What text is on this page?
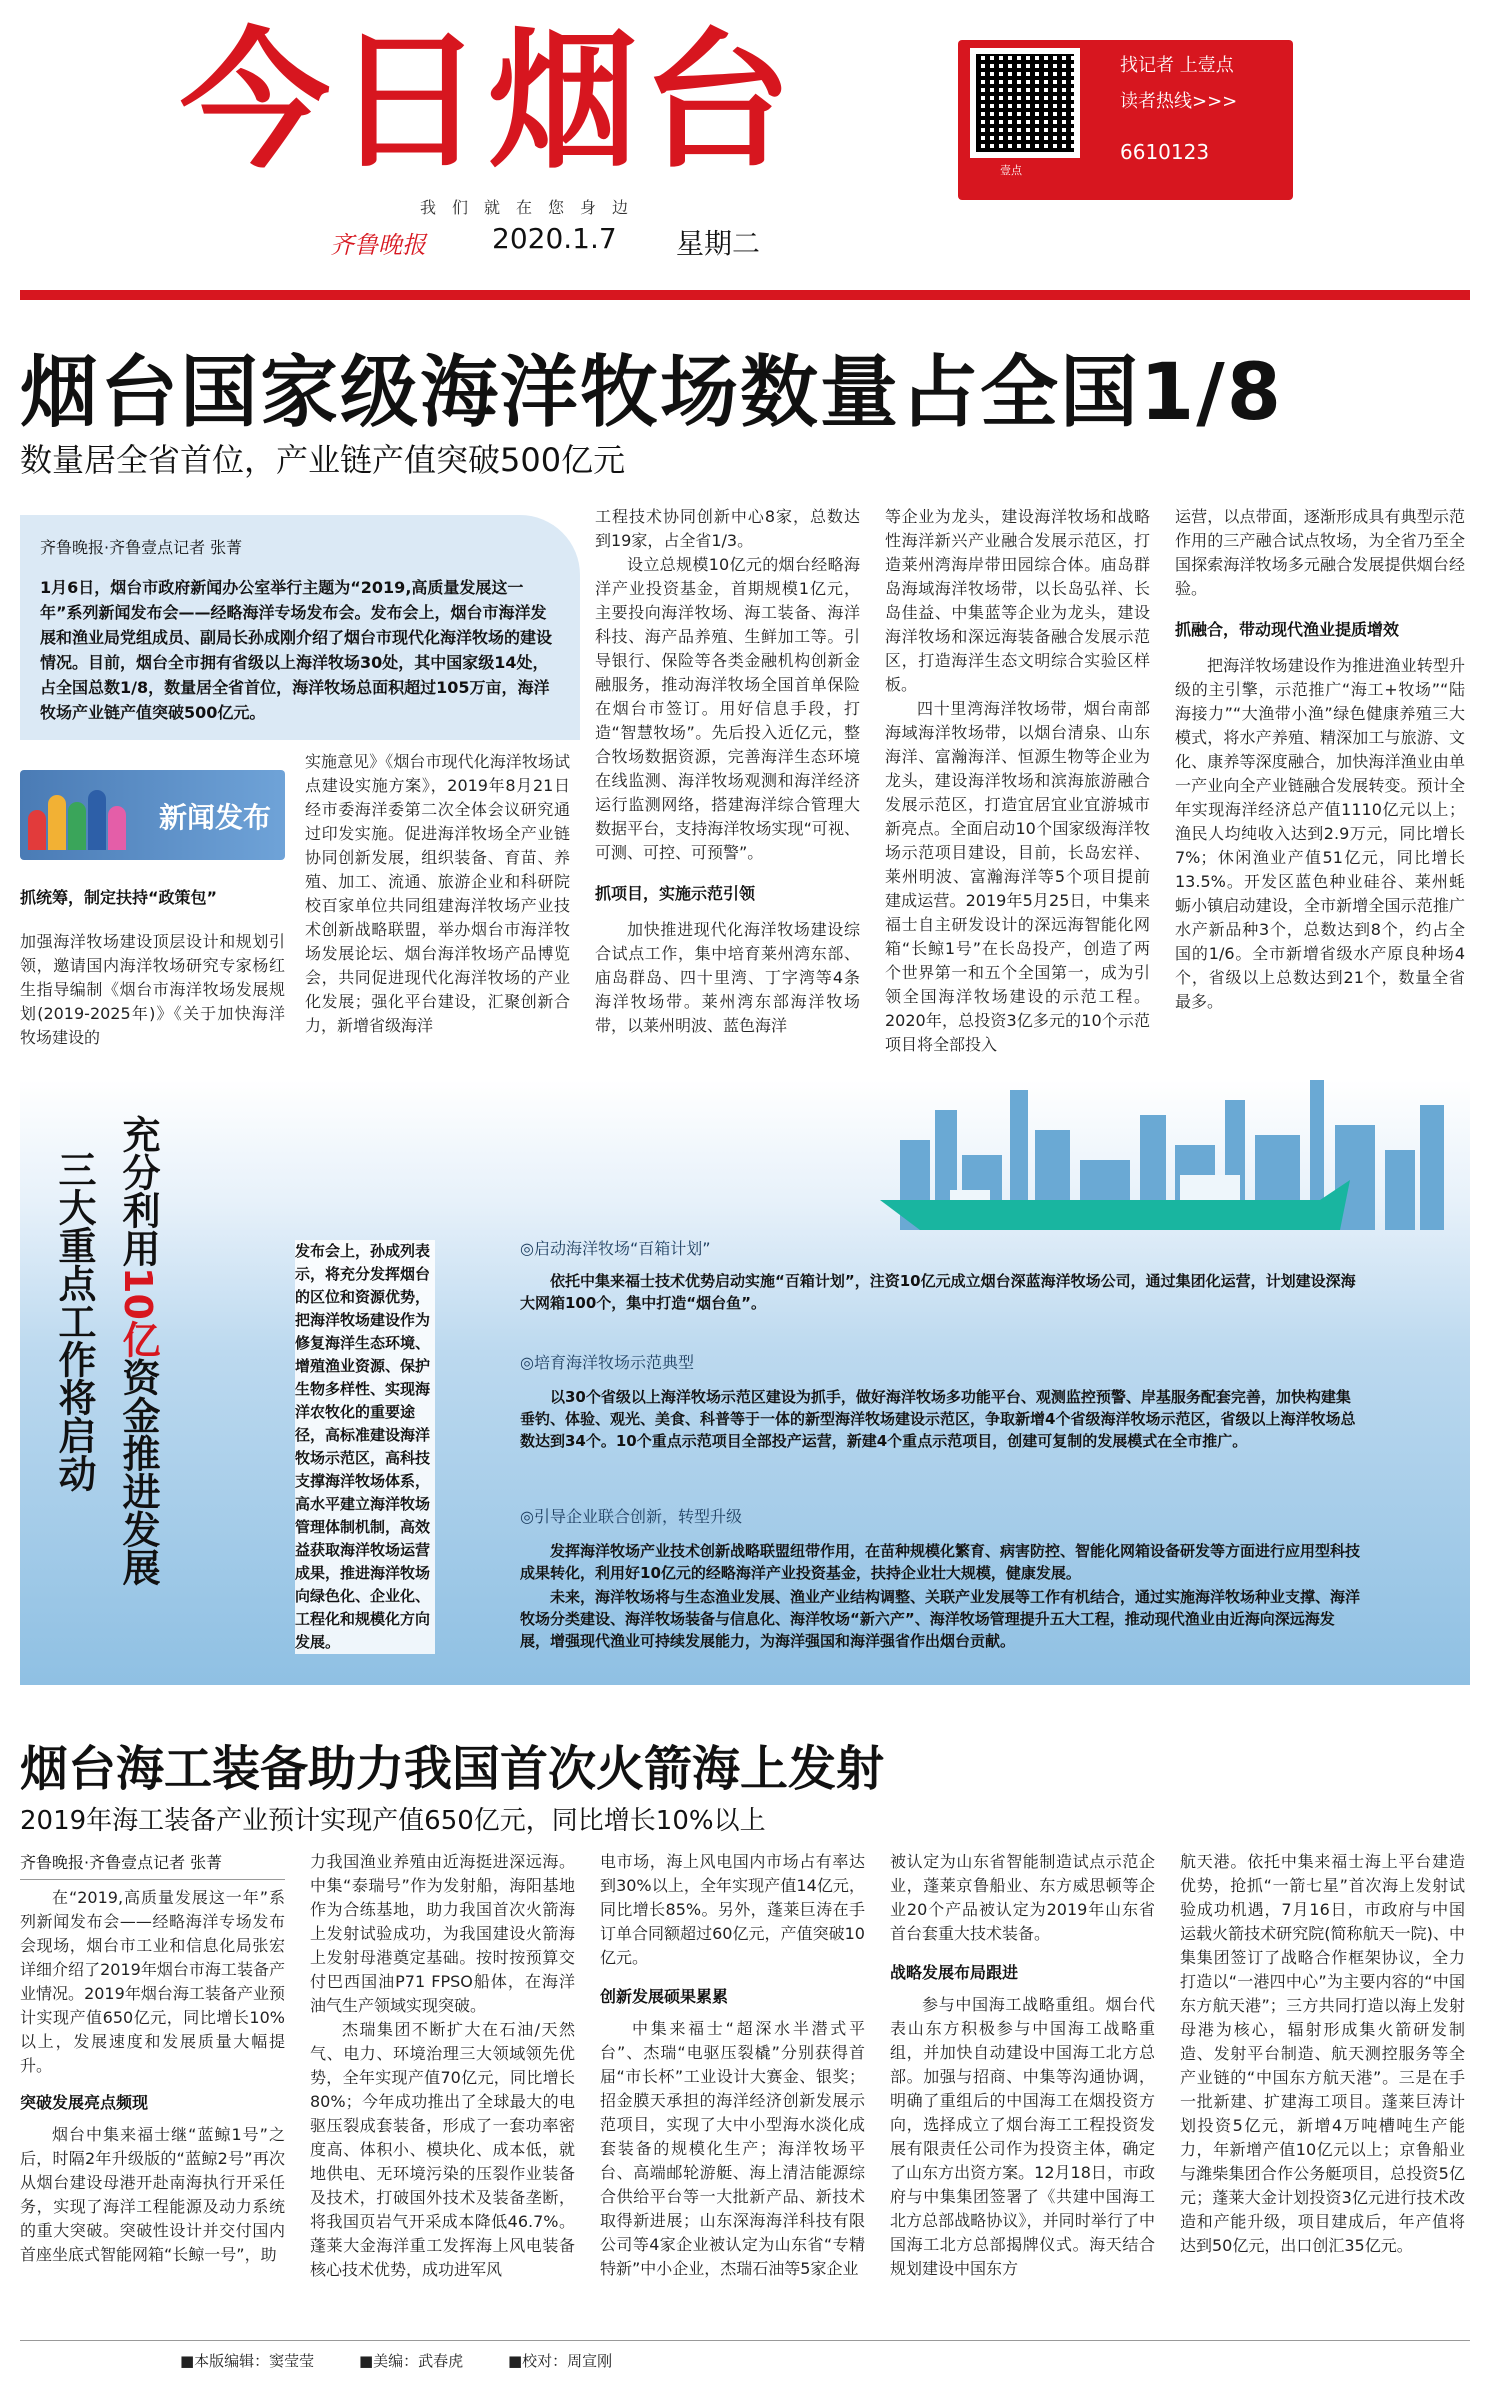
今日烟台
我们就在您身边
齐鲁晚报 2020.1.7 星期二
壹点
找记者 上壹点
读者热线>>>
6610123
烟台国家级海洋牧场数量占全国1/8
数量居全省首位，产业链产值突破500亿元
齐鲁晚报·齐鲁壹点记者 张菁
1月6日，烟台市政府新闻办公室举行主题为“2019,高质量发展这一年”系列新闻发布会——经略海洋专场发布会。发布会上，烟台市海洋发展和渔业局党组成员、副局长孙成刚介绍了烟台市现代化海洋牧场的建设情况。目前，烟台全市拥有省级以上海洋牧场30处，其中国家级14处，占全国总数1/8，数量居全省首位，海洋牧场总面积超过105万亩，海洋牧场产业链产值突破500亿元。
新闻发布
抓统筹，制定扶持“政策包”
加强海洋牧场建设顶层设计和规划引领，邀请国内海洋牧场研究专家杨红生指导编制《烟台市海洋牧场发展规划(2019-2025年)》《关于加快海洋牧场建设的
实施意见》《烟台市现代化海洋牧场试点建设实施方案》，2019年8月21日经市委海洋委第二次全体会议研究通过印发实施。促进海洋牧场全产业链协同创新发展，组织装备、育苗、养殖、加工、流通、旅游企业和科研院校百家单位共同组建海洋牧场产业技术创新战略联盟，举办烟台市海洋牧场发展论坛、烟台海洋牧场产品博览会，共同促进现代化海洋牧场的产业化发展；强化平台建设，汇聚创新合力，新增省级海洋
工程技术协同创新中心8家，总数达到19家，占全省1/3。
设立总规模10亿元的烟台经略海洋产业投资基金，首期规模1亿元，主要投向海洋牧场、海工装备、海洋科技、海产品养殖、生鲜加工等。引导银行、保险等各类金融机构创新金融服务，推动海洋牧场全国首单保险在烟台市签订。用好信息手段，打造“智慧牧场”。先后投入近亿元，整合牧场数据资源，完善海洋生态环境在线监测、海洋牧场观测和海洋经济运行监测网络，搭建海洋综合管理大数据平台，支持海洋牧场实现“可视、可测、可控、可预警”。
抓项目，实施示范引领
加快推进现代化海洋牧场建设综合试点工作，集中培育莱州湾东部、庙岛群岛、四十里湾、丁字湾等4条海洋牧场带。莱州湾东部海洋牧场带，以莱州明波、蓝色海洋
等企业为龙头，建设海洋牧场和战略性海洋新兴产业融合发展示范区，打造莱州湾海岸带田园综合体。庙岛群岛海域海洋牧场带，以长岛弘祥、长岛佳益、中集蓝等企业为龙头，建设海洋牧场和深远海装备融合发展示范区，打造海洋生态文明综合实验区样板。
四十里湾海洋牧场带，烟台南部海域海洋牧场带，以烟台清泉、山东海洋、富瀚海洋、恒源生物等企业为龙头，建设海洋牧场和滨海旅游融合发展示范区，打造宜居宜业宜游城市新亮点。全面启动10个国家级海洋牧场示范项目建设，目前，长岛宏祥、莱州明波、富瀚海洋等5个项目提前建成运营。2019年5月25日，中集来福士自主研发设计的深远海智能化网箱“长鲸1号”在长岛投产，创造了两个世界第一和五个全国第一，成为引领全国海洋牧场建设的示范工程。2020年，总投资3亿多元的10个示范项目将全部投入
运营，以点带面，逐渐形成具有典型示范作用的三产融合试点牧场，为全省乃至全国探索海洋牧场多元融合发展提供烟台经验。
抓融合，带动现代渔业提质增效
把海洋牧场建设作为推进渔业转型升级的主引擎，示范推广“海工+牧场”“陆海接力”“大渔带小渔”绿色健康养殖三大模式，将水产养殖、精深加工与旅游、文化、康养等深度融合，加快海洋渔业由单一产业向全产业链融合发展转变。预计全年实现海洋经济总产值1110亿元以上；渔民人均纯收入达到2.9万元，同比增长7%；休闲渔业产值51亿元，同比增长13.5%。开发区蓝色种业硅谷、莱州蚝蛎小镇启动建设，全市新增全国示范推广水产新品种3个，总数达到8个，约占全国的1/6。全市新增省级水产原良种场4个，省级以上总数达到21个，数量全省最多。
充分利用10亿资金推进发展
三大重点工作将启动	发布会上，孙成列表示，将充分发挥烟台的区位和资源优势，把海洋牧场建设作为修复海洋生态环境、增殖渔业资源、保护生物多样性、实现海洋农牧化的重要途径，高标准建设海洋牧场示范区，高科技支撑海洋牧场体系，高水平建立海洋牧场管理体制机制，高效益获取海洋牧场运营成果，推进海洋牧场向绿色化、企业化、工程化和规模化方向发展。
◎启动海洋牧场“百箱计划”
依托中集来福士技术优势启动实施“百箱计划”，注资10亿元成立烟台深蓝海洋牧场公司，通过集团化运营，计划建设深海大网箱100个，集中打造“烟台鱼”。
◎培育海洋牧场示范典型
以30个省级以上海洋牧场示范区建设为抓手，做好海洋牧场多功能平台、观测监控预警、岸基服务配套完善，加快构建集垂钓、体验、观光、美食、科普等于一体的新型海洋牧场建设示范区，争取新增4个省级海洋牧场示范区，省级以上海洋牧场总数达到34个。10个重点示范项目全部投产运营，新建4个重点示范项目，创建可复制的发展模式在全市推广。
◎引导企业联合创新，转型升级
发挥海洋牧场产业技术创新战略联盟纽带作用，在苗种规模化繁育、病害防控、智能化网箱设备研发等方面进行应用型科技成果转化，利用好10亿元的经略海洋产业投资基金，扶持企业壮大规模，健康发展。
未来，海洋牧场将与生态渔业发展、渔业产业结构调整、关联产业发展等工作有机结合，通过实施海洋牧场种业支撑、海洋牧场分类建设、海洋牧场装备与信息化、海洋牧场“新六产”、海洋牧场管理提升五大工程，推动现代渔业由近海向深远海发展，增强现代渔业可持续发展能力，为海洋强国和海洋强省作出烟台贡献。
烟台海工装备助力我国首次火箭海上发射
2019年海工装备产业预计实现产值650亿元，同比增长10%以上
齐鲁晚报·齐鲁壹点记者 张菁
在“2019,高质量发展这一年”系列新闻发布会——经略海洋专场发布会现场，烟台市工业和信息化局张宏详细介绍了2019年烟台市海工装备产业情况。2019年烟台海工装备产业预计实现产值650亿元，同比增长10%以上，发展速度和发展质量大幅提升。
突破发展亮点频现
烟台中集来福士继“蓝鲸1号”之后，时隔2年升级版的“蓝鲸2号”再次从烟台建设母港开赴南海执行开采任务，实现了海洋工程能源及动力系统的重大突破。突破性设计并交付国内首座坐底式智能网箱“长鲸一号”，助
力我国渔业养殖由近海挺进深远海。中集“泰瑞号”作为发射船，海阳基地作为合练基地，助力我国首次火箭海上发射试验成功，为我国建设火箭海上发射母港奠定基础。按时按预算交付巴西国油P71 FPSO船体，在海洋油气生产领域实现突破。
杰瑞集团不断扩大在石油/天然气、电力、环境治理三大领域领先优势，全年实现产值70亿元，同比增长80%；今年成功推出了全球最大的电驱压裂成套装备，形成了一套功率密度高、体积小、模块化、成本低，就地供电、无环境污染的压裂作业装备及技术，打破国外技术及装备垄断，将我国页岩气开采成本降低46.7%。蓬莱大金海洋重工发挥海上风电装备核心技术优势，成功进军风
电市场，海上风电国内市场占有率达到30%以上，全年实现产值14亿元，同比增长85%。另外，蓬莱巨涛在手订单合同额超过60亿元，产值突破10亿元。
创新发展硕果累累
中集来福士“超深水半潜式平台”、杰瑞“电驱压裂橇”分别获得首届“市长杯”工业设计大赛金、银奖；招金膜天承担的海洋经济创新发展示范项目，实现了大中小型海水淡化成套装备的规模化生产；海洋牧场平台、高端邮轮游艇、海上清洁能源综合供给平台等一大批新产品、新技术取得新进展；山东深海海洋科技有限公司等4家企业被认定为山东省“专精特新”中小企业，杰瑞石油等5家企业
被认定为山东省智能制造试点示范企业，蓬莱京鲁船业、东方威思顿等企业20个产品被认定为2019年山东省首台套重大技术装备。
战略发展布局跟进
参与中国海工战略重组。烟台代表山东方积极参与中国海工战略重组，并加快自动建设中国海工北方总部。加强与招商、中集等沟通协调，明确了重组后的中国海工在烟投资方向，选择成立了烟台海工工程投资发展有限责任公司作为投资主体，确定了山东方出资方案。12月18日，市政府与中集集团签署了《共建中国海工北方总部战略协议》，并同时举行了中国海工北方总部揭牌仪式。海天结合规划建设中国东方
航天港。依托中集来福士海上平台建造优势，抢抓“一箭七星”首次海上发射试验成功机遇，7月16日，市政府与中国运载火箭技术研究院(简称航天一院)、中集集团签订了战略合作框架协议，全力打造以“一港四中心”为主要内容的“中国东方航天港”；三方共同打造以海上发射母港为核心，辐射形成集火箭研发制造、发射平台制造、航天测控服务等全产业链的“中国东方航天港”。三是在手一批新建、扩建海工项目。蓬莱巨涛计划投资5亿元，新增4万吨槽吨生产能力，年新增产值10亿元以上；京鲁船业与潍柴集团合作公务艇项目，总投资5亿元；蓬莱大金计划投资3亿元进行技术改造和产能升级，项目建成后，年产值将达到50亿元，出口创汇35亿元。
■本版编辑：窦莹莹	■美编：武春虎	■校对：周宣刚
